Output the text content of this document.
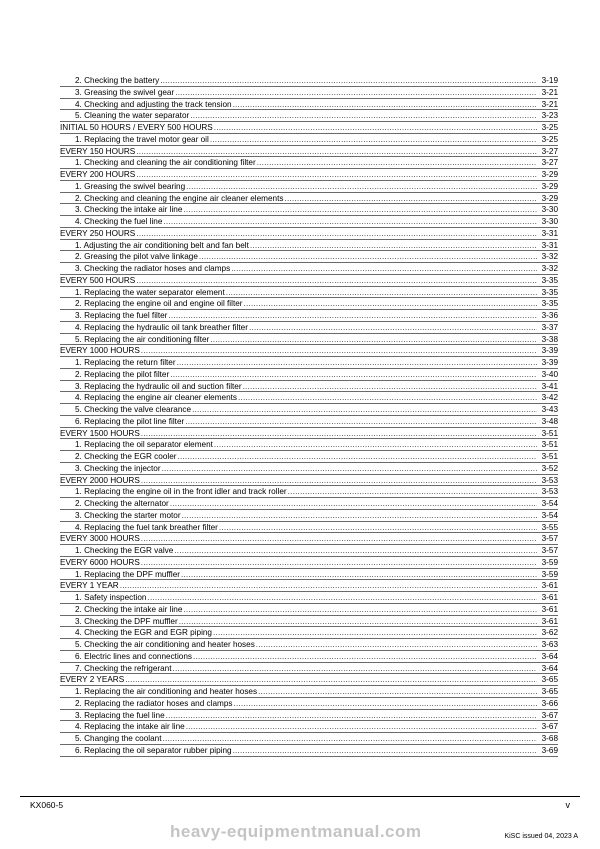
2. Checking the battery .....	3-19
3. Greasing the swivel gear .....	3-21
4. Checking and adjusting the track tension .....	3-21
5. Cleaning the water separator .....	3-23
INITIAL 50 HOURS / EVERY 500 HOURS .....	3-25
1. Replacing the travel motor gear oil .....	3-25
EVERY 150 HOURS .....	3-27
1. Checking and cleaning the air conditioning filter .....	3-27
EVERY 200 HOURS .....	3-29
1. Greasing the swivel bearing .....	3-29
2. Checking and cleaning the engine air cleaner elements .....	3-29
3. Checking the intake air line .....	3-30
4. Checking the fuel line .....	3-30
EVERY 250 HOURS .....	3-31
1. Adjusting the air conditioning belt and fan belt .....	3-31
2. Greasing the pilot valve linkage .....	3-32
3. Checking the radiator hoses and clamps .....	3-32
EVERY 500 HOURS .....	3-35
1. Replacing the water separator element .....	3-35
2. Replacing the engine oil and engine oil filter .....	3-35
3. Replacing the fuel filter .....	3-36
4. Replacing the hydraulic oil tank breather filter .....	3-37
5. Replacing the air conditioning filter .....	3-38
EVERY 1000 HOURS .....	3-39
1. Replacing the return filter .....	3-39
2. Replacing the pilot filter .....	3-40
3. Replacing the hydraulic oil and suction filter .....	3-41
4. Replacing the engine air cleaner elements .....	3-42
5. Checking the valve clearance .....	3-43
6. Replacing the pilot line filter .....	3-48
EVERY 1500 HOURS .....	3-51
1. Replacing the oil separator element .....	3-51
2. Checking the EGR cooler .....	3-51
3. Checking the injector .....	3-52
EVERY 2000 HOURS .....	3-53
1. Replacing the engine oil in the front idler and track roller .....	3-53
2. Checking the alternator .....	3-54
3. Checking the starter motor .....	3-54
4. Replacing the fuel tank breather filter .....	3-55
EVERY 3000 HOURS .....	3-57
1. Checking the EGR valve .....	3-57
EVERY 6000 HOURS .....	3-59
1. Replacing the DPF muffler .....	3-59
EVERY 1 YEAR .....	3-61
1. Safety inspection .....	3-61
2. Checking the intake air line .....	3-61
3. Checking the DPF muffler .....	3-61
4. Checking the EGR and EGR piping .....	3-62
5. Checking the air conditioning and heater hoses .....	3-63
6. Electric lines and connections .....	3-64
7. Checking the refrigerant .....	3-64
EVERY 2 YEARS .....	3-65
1. Replacing the air conditioning and heater hoses .....	3-65
2. Replacing the radiator hoses and clamps .....	3-66
3. Replacing the fuel line .....	3-67
4. Replacing the intake air line .....	3-67
5. Changing the coolant .....	3-68
6. Replacing the oil separator rubber piping .....	3-69
KX060-5	v
heavy-equipmentmanual.com	KiSC issued 04, 2023 A
